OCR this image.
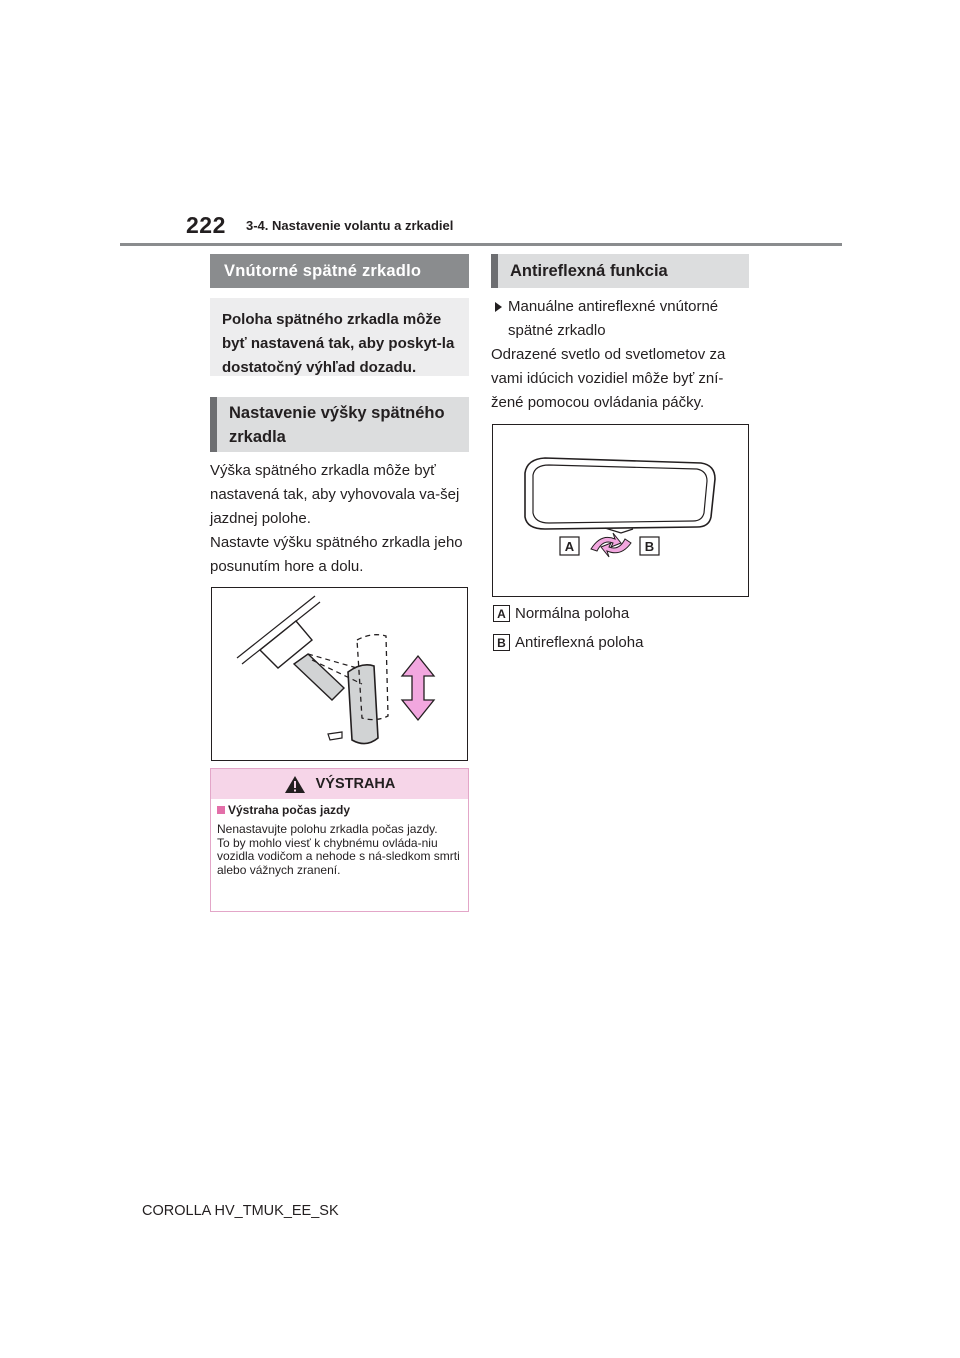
222 3-4. Nastavenie volantu a zrkadiel
Vnútorné spätné zrkadlo
Poloha spätného zrkadla môže byť nastavená tak, aby poskyt-la dostatočný výhľad dozadu.
Nastavenie výšky spätného zrkadla
Výška spätného zrkadla môže byť nastavená tak, aby vyhovovala va-šej jazdnej polohe.
Nastavte výšku spätného zrkadla jeho posunutím hore a dolu.
VÝSTRAHA
Výstraha počas jazdy
Nenastavujte polohu zrkadla počas jazdy.
To by mohlo viesť k chybnému ovláda-niu vozidla vodičom a nehode s ná-sledkom smrti alebo vážnych zranení.
Antireflexná funkcia
Manuálne antireflexné vnútorné spätné zrkadlo
Odrazené svetlo od svetlometov za vami idúcich vozidiel môže byť zní-žené pomocou ovládania páčky.
A	B
A Normálna poloha
B Antireflexná poloha
COROLLA HV_TMUK_EE_SK
